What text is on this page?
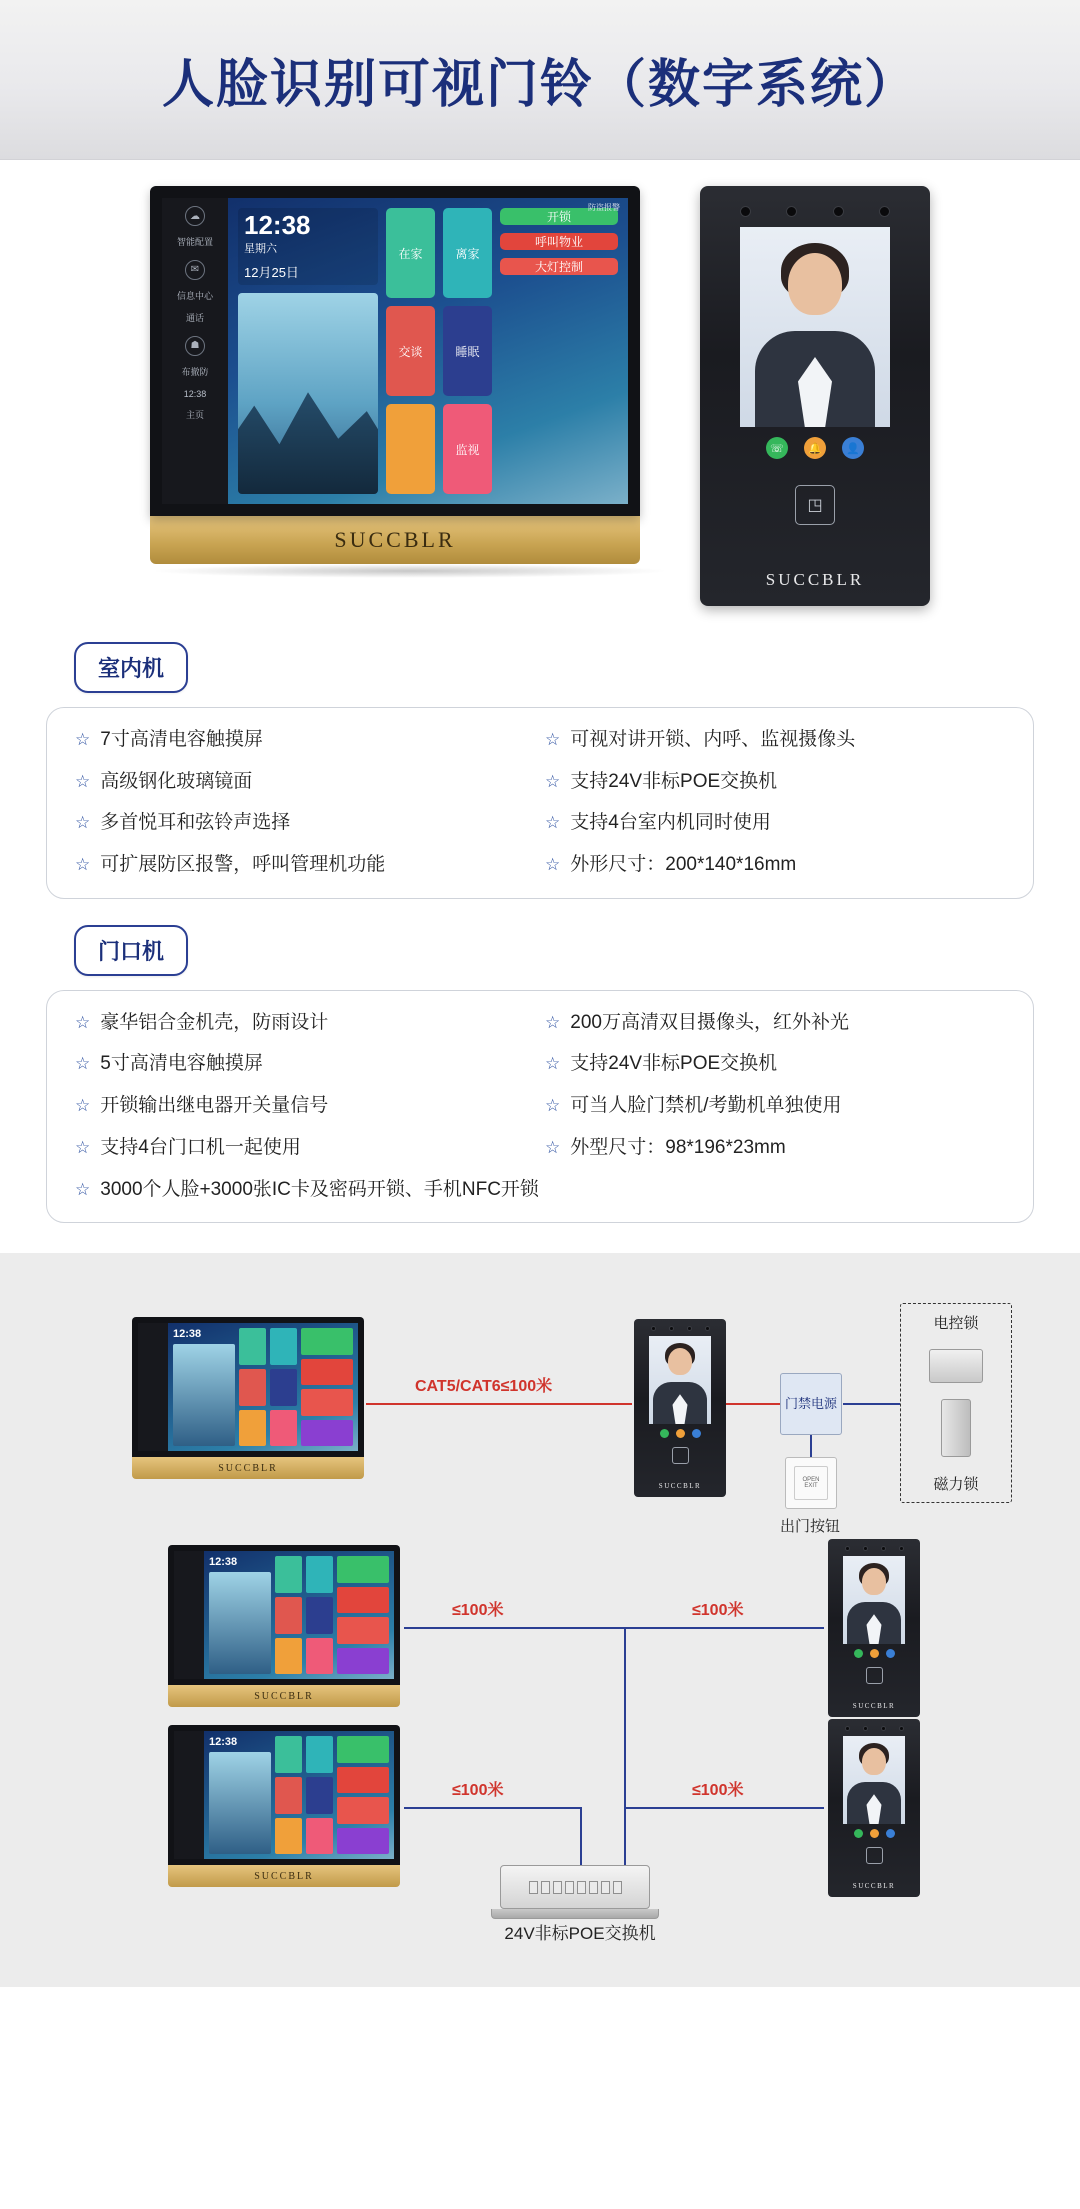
人脸识别可视门铃（数字系统）
☁
智能配置
✉
信息中心
通话
☗
布撤防
12:38
主页
防盗报警
12:38
星期六
12月25日
在家	离家
交谈	睡眠
监视
开锁
呼叫物业
大灯控制
SUCCBLR
☏	🔔	👤
◳
SUCCBLR
室内机
☆ 7寸高清电容触摸屏	☆ 可视对讲开锁、内呼、监视摄像头
☆ 高级钢化玻璃镜面	☆ 支持24V非标POE交换机
☆ 多首悦耳和弦铃声选择	☆ 支持4台室内机同时使用
☆ 可扩展防区报警，呼叫管理机功能	☆ 外形尺寸：200*140*16mm
门口机
☆ 豪华铝合金机壳，防雨设计	☆ 200万高清双目摄像头，红外补光
☆ 5寸高清电容触摸屏	☆ 支持24V非标POE交换机
☆ 开锁输出继电器开关量信号	☆ 可当人脸门禁机/考勤机单独使用
☆ 支持4台门口机一起使用	☆ 外型尺寸：98*196*23mm
☆ 3000个人脸+3000张IC卡及密码开锁、手机NFC开锁
12:38
SUCCBLR
CAT5/CAT6≤100米
SUCCBLR
门禁电源
OPEN
EXIT
出门按钮
电控锁
磁力锁
12:38
SUCCBLR
12:38
SUCCBLR
SUCCBLR
SUCCBLR
≤100米	≤100米
≤100米	≤100米
24V非标POE交换机
